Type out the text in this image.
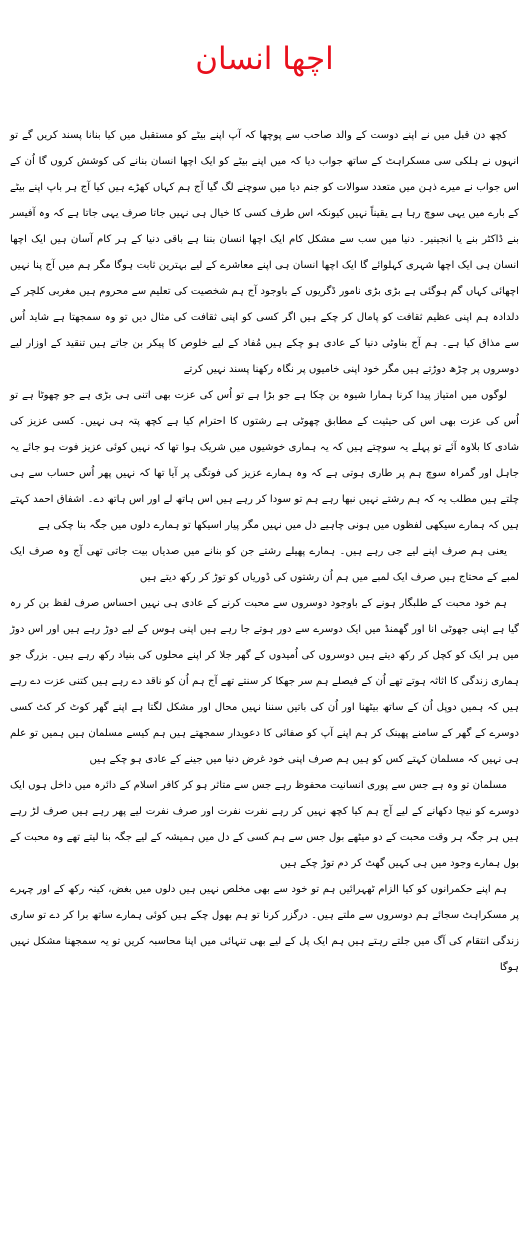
اچھا انسان

کچھ دن قبل میں نے اپنے دوست کے والد صاحب سے پوچھا کہ آپ اپنے بیٹے کو مستقبل میں کیا بنانا پسند کریں گے تو انہوں نے ہلکی سی مسکراہٹ کے ساتھ جواب دیا کہ میں اپنے بیٹے کو ایک اچھا انسان بنانے کی کوشش کروں گا اُن کے اس جواب نے میرے ذہن میں متعدد سوالات کو جنم دیا میں سوچنے لگ گیا آج ہم کہاں کھڑے ہیں کیا آج ہر باپ اپنے بیٹے کے بارے میں یہی سوچ رہا ہے یقیناً نہیں کیونکہ اس طرف کسی کا خیال ہی نہیں جاتا صرف یہی جاتا ہے کہ وہ آفیسر بنے ڈاکٹر بنے یا انجینیر۔ دنیا میں سب سے مشکل کام ایک اچھا انسان بننا ہے باقی دنیا کے ہر کام آسان ہیں ایک اچھا انسان ہی ایک اچھا شہری کہلوائے گا ایک اچھا انسان ہی اپنے معاشرے کے لیے بہترین ثابت ہوگا مگر ہم میں آج پنا نہیں اچھائی کہاں گم ہوگئی ہے بڑی بڑی نامور ڈگریوں کے باوجود آج ہم شخصیت کی تعلیم سے محروم ہیں مغربی کلچر کے دلدادہ ہم اپنی عظیم ثقافت کو پامال کر چکے ہیں اگر کسی کو اپنی ثقافت کی مثال دیں تو وہ سمجھتا ہے شاید اُس سے مذاق کیا ہے۔ ہم آج بناوٹی دنیا کے عادی ہو چکے ہیں مُفاد کے لیے خلوص کا پیکر بن جاتے ہیں تنقید کے اوزار لیے دوسروں پر چڑھ دوڑتے ہیں مگر خود اپنی خامیوں پر نگاہ رکھنا پسند نہیں کرتے

لوگوں میں امتیاز پیدا کرنا ہمارا شیوہ بن چکا ہے جو بڑا ہے تو اُس کی عزت بھی اتنی ہی بڑی ہے جو چھوٹا ہے تو اُس کی عزت بھی اس کی حیثیت کے مطابق چھوٹی ہے رشتوں کا احترام کیا ہے کچھ پتہ ہی نہیں۔ کسی عزیز کی شادی کا بلاوہ آئے تو پہلے یہ سوچتے ہیں کہ یہ ہماری خوشیوں میں شریک ہوا تھا کہ نہیں کوئی عزیز فوت ہو جائے یہ جاہل اور گمراہ سوچ ہم پر طاری ہوتی ہے کہ وہ ہمارے عزیز کی فوتگی پر آیا تھا کہ نہیں پھر اُس حساب سے ہی چلتے ہیں مطلب یہ کہ ہم رشتے نہیں نبھا رہے ہم تو سودا کر رہے ہیں اس ہاتھ لے اور اس ہاتھ دے۔ اشفاق احمد کہتے ہیں کہ ہمارے سیکھی لفظوں میں ہونی چاہیے دل میں نہیں مگر پیار اسیکھا تو ہمارے دلوں میں جگہ بنا چکی ہے

یعنی ہم صرف اپنے لیے جی رہے ہیں۔ ہمارے پھیلے رشتے جن کو بنانے میں صدیاں بیت جاتی تھی آج وہ صرف ایک لمبے کے محتاج ہیں صرف ایک لمبے میں ہم اُن رشتوں کی ڈوریاں کو توڑ کر رکھ دیتے ہیں

ہم خود محبت کے طلبگار ہونے کے باوجود دوسروں سے محبت کرنے کے عادی ہی نہیں احساس صرف لفظ بن کر رہ گیا ہے اپنی جھوٹی انا اور گھمنڈ میں ایک دوسرے سے دور ہوتے جا رہے ہیں اپنی ہوس کے لیے دوڑ رہے ہیں اور اس دوڑ میں ہر ایک کو کچل کر رکھ دیتے ہیں دوسروں کی اُمیدوں کے گھر جلا کر اپنے محلوں کی بنیاد رکھ رہے ہیں۔ بزرگ جو ہماری زندگی کا اثاثہ ہوتے تھے اُن کے فیصلے ہم سر جھکا کر سنتے تھے آج ہم اُن کو ناقد دے رہے ہیں کتنی عزت دے رہے ہیں کہ ہمیں دوپل اُن کے ساتھ بیٹھنا اور اُن کی باتیں سننا نہیں محال اور مشکل لگتا ہے اپنے گھر کوٹ کر کٹ کسی دوسرے کے گھر کے سامنے پھینک کر ہم اپنے آپ کو صفائی کا دعویدار سمجھتے ہیں ہم کیسے مسلمان ہیں ہمیں تو علم ہی نہیں کہ مسلمان کہتے کس کو ہیں ہم صرف اپنی خود غرض دنیا میں جینے کے عادی ہو چکے ہیں

مسلمان تو وہ ہے جس سے پوری انسانیت محفوظ رہے جس سے متاثر ہو کر کافر اسلام کے دائرہ میں داخل ہوں ایک دوسرے کو نیچا دکھانے کے لیے آج ہم کیا کچھ نہیں کر رہے نفرت نفرت اور صرف نفرت لیے پھر رہے ہیں صرف لڑ رہے ہیں ہر جگہ ہر وقت محبت کے دو میٹھے بول جس سے ہم کسی کے دل میں ہمیشہ کے لیے جگہ بنا لیتے تھے وہ محبت کے بول ہمارے وجود میں ہی کہیں گھٹ کر دم توڑ چکے ہیں

ہم اپنے حکمرانوں کو کیا الزام ٹھہرائیں ہم تو خود سے بھی مخلص نہیں ہیں دلوں میں بغض، کینہ رکھ کے اور چہرے پر مسکراہٹ سجائے ہم دوسروں سے ملتے ہیں۔ درگزر کرنا تو ہم بھول چکے ہیں کوئی ہمارے ساتھ برا کر دے تو ساری زندگی انتقام کی آگ میں جلتے رہتے ہیں ہم ایک پل کے لیے بھی تنہائی میں اپنا محاسبہ کریں تو یہ سمجھنا مشکل نہیں ہوگا
